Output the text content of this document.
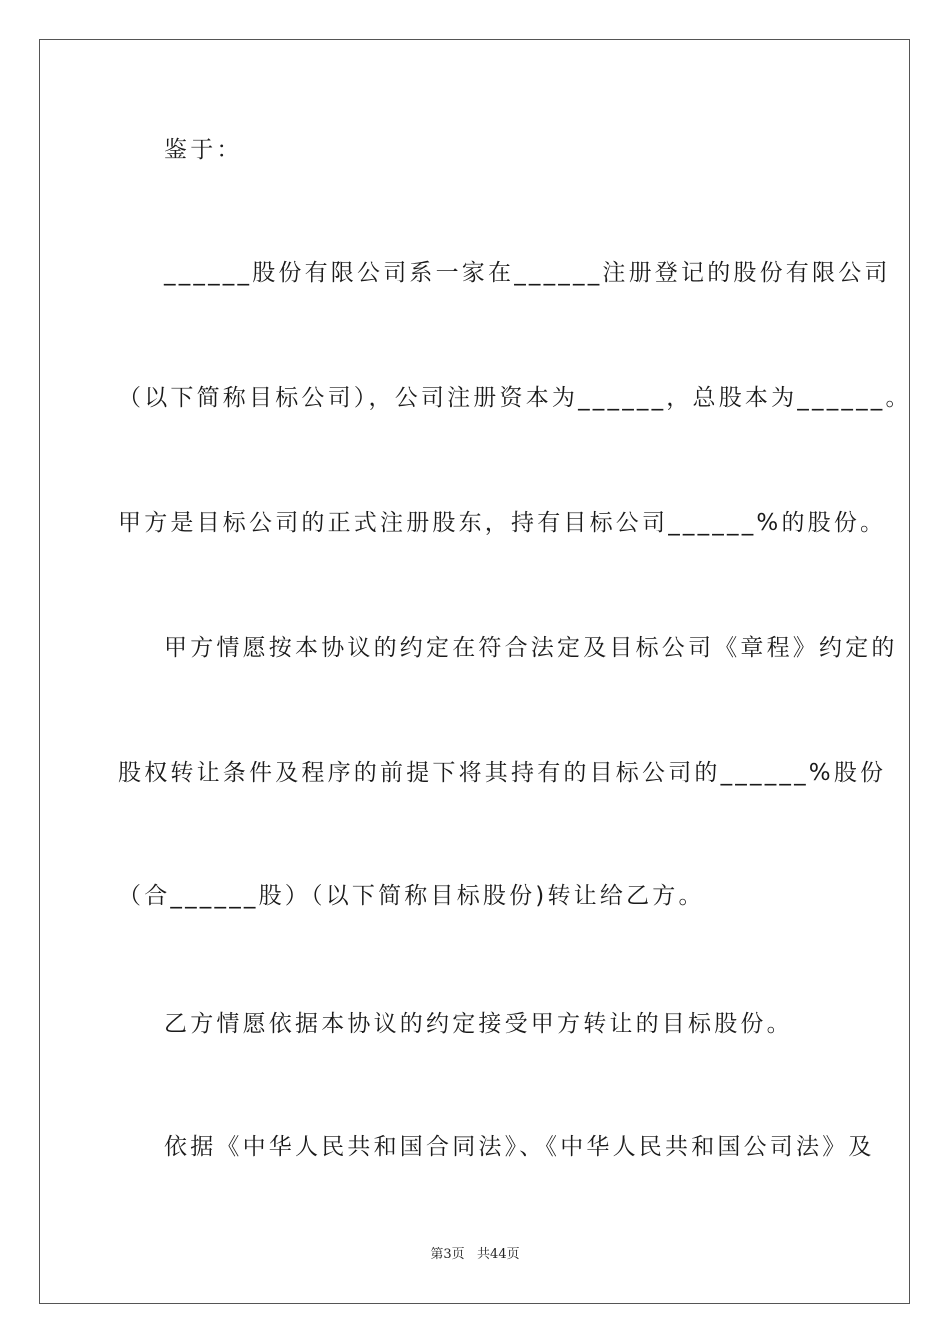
鉴于：
______股份有限公司系一家在______注册登记的股份有限公司
（以下简称目标公司），公司注册资本为______，总股本为______。
甲方是目标公司的正式注册股东，持有目标公司______%的股份。
甲方情愿按本协议的约定在符合法定及目标公司《章程》约定的
股权转让条件及程序的前提下将其持有的目标公司的______%股份
（合______股）（以下简称目标股份)转让给乙方。
乙方情愿依据本协议的约定接受甲方转让的目标股份。
依据《中华人民共和国合同法》、《中华人民共和国公司法》及
第3页   共44页
